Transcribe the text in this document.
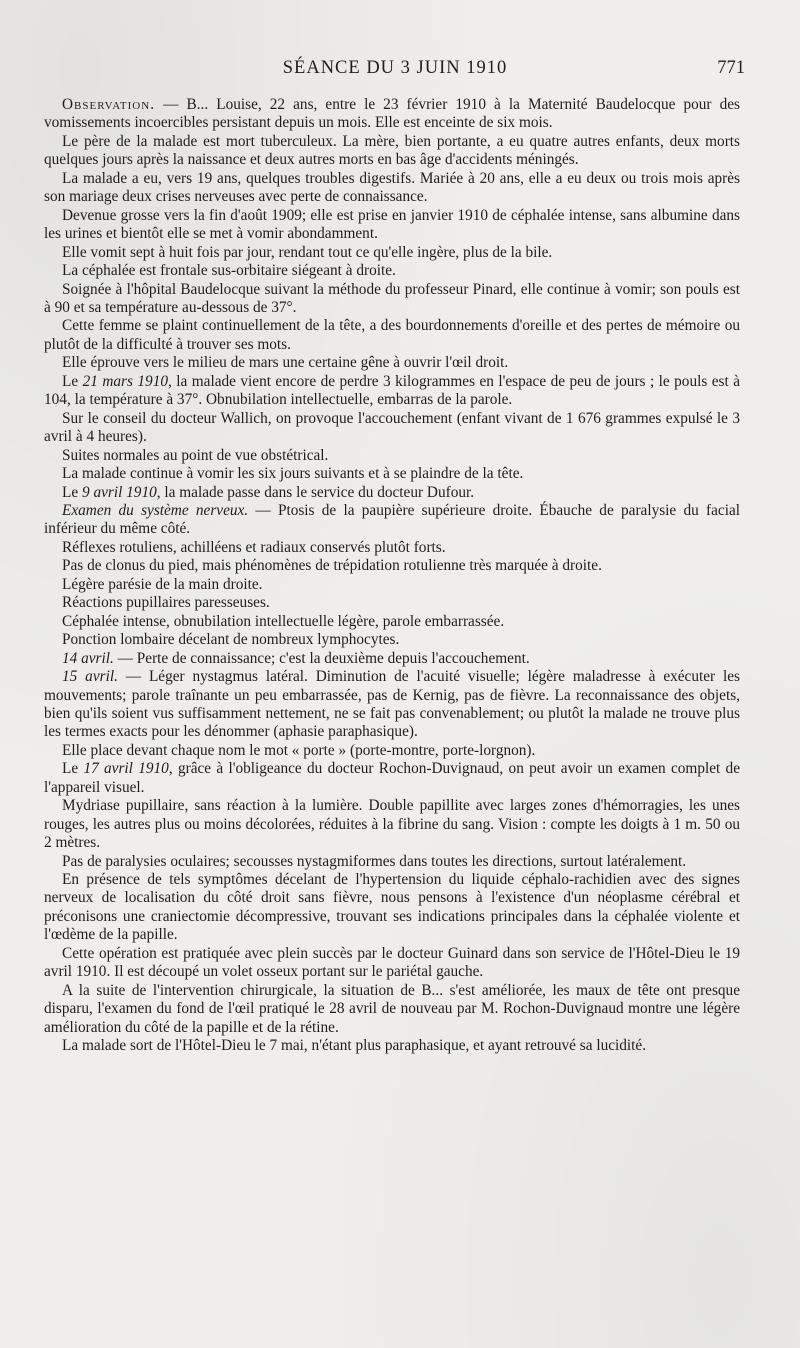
SÉANCE DU 3 JUIN 1910	771

Observation. — B... Louise, 22 ans, entre le 23 février 1910 à la Maternité Baudelocque pour des vomissements incoercibles persistant depuis un mois. Elle est enceinte de six mois.

Le père de la malade est mort tuberculeux. La mère, bien portante, a eu quatre autres enfants, deux morts quelques jours après la naissance et deux autres morts en bas âge d'accidents méningés.

La malade a eu, vers 19 ans, quelques troubles digestifs. Mariée à 20 ans, elle a eu deux ou trois mois après son mariage deux crises nerveuses avec perte de connaissance.

Devenue grosse vers la fin d'août 1909; elle est prise en janvier 1910 de céphalée intense, sans albumine dans les urines et bientôt elle se met à vomir abondamment.

Elle vomit sept à huit fois par jour, rendant tout ce qu'elle ingère, plus de la bile.

La céphalée est frontale sus-orbitaire siégeant à droite.

Soignée à l'hôpital Baudelocque suivant la méthode du professeur Pinard, elle continue à vomir; son pouls est à 90 et sa température au-dessous de 37°.

Cette femme se plaint continuellement de la tête, a des bourdonnements d'oreille et des pertes de mémoire ou plutôt de la difficulté à trouver ses mots.

Elle éprouve vers le milieu de mars une certaine gêne à ouvrir l'œil droit.

Le 21 mars 1910, la malade vient encore de perdre 3 kilogrammes en l'espace de peu de jours ; le pouls est à 104, la température à 37°. Obnubilation intellectuelle, embarras de la parole.

Sur le conseil du docteur Wallich, on provoque l'accouchement (enfant vivant de 1 676 grammes expulsé le 3 avril à 4 heures).

Suites normales au point de vue obstétrical.

La malade continue à vomir les six jours suivants et à se plaindre de la tête.

Le 9 avril 1910, la malade passe dans le service du docteur Dufour.

Examen du système nerveux. — Ptosis de la paupière supérieure droite. Ébauche de paralysie du facial inférieur du même côté.

Réflexes rotuliens, achilléens et radiaux conservés plutôt forts.

Pas de clonus du pied, mais phénomènes de trépidation rotulienne très marquée à droite.

Légère parésie de la main droite.

Réactions pupillaires paresseuses.

Céphalée intense, obnubilation intellectuelle légère, parole embarrassée.

Ponction lombaire décelant de nombreux lymphocytes.

14 avril. — Perte de connaissance; c'est la deuxième depuis l'accouchement.

15 avril. — Léger nystagmus latéral. Diminution de l'acuité visuelle; légère maladresse à exécuter les mouvements; parole traînante un peu embarrassée, pas de Kernig, pas de fièvre. La reconnaissance des objets, bien qu'ils soient vus suffisamment nettement, ne se fait pas convenablement; ou plutôt la malade ne trouve plus les termes exacts pour les dénommer (aphasie paraphasique).

Elle place devant chaque nom le mot « porte » (porte-montre, porte-lorgnon).

Le 17 avril 1910, grâce à l'obligeance du docteur Rochon-Duvignaud, on peut avoir un examen complet de l'appareil visuel.

Mydriase pupillaire, sans réaction à la lumière. Double papillite avec larges zones d'hémorragies, les unes rouges, les autres plus ou moins décolorées, réduites à la fibrine du sang. Vision : compte les doigts à 1 m. 50 ou 2 mètres.

Pas de paralysies oculaires; secousses nystagmiformes dans toutes les directions, surtout latéralement.

En présence de tels symptômes décelant de l'hypertension du liquide céphalo-rachidien avec des signes nerveux de localisation du côté droit sans fièvre, nous pensons à l'existence d'un néoplasme cérébral et préconisons une craniectomie décompressive, trouvant ses indications principales dans la céphalée violente et l'œdème de la papille.

Cette opération est pratiquée avec plein succès par le docteur Guinard dans son service de l'Hôtel-Dieu le 19 avril 1910. Il est découpé un volet osseux portant sur le pariétal gauche.

A la suite de l'intervention chirurgicale, la situation de B... s'est améliorée, les maux de tête ont presque disparu, l'examen du fond de l'œil pratiqué le 28 avril de nouveau par M. Rochon-Duvignaud montre une légère amélioration du côté de la papille et de la rétine.

La malade sort de l'Hôtel-Dieu le 7 mai, n'étant plus paraphasique, et ayant retrouvé sa lucidité.
